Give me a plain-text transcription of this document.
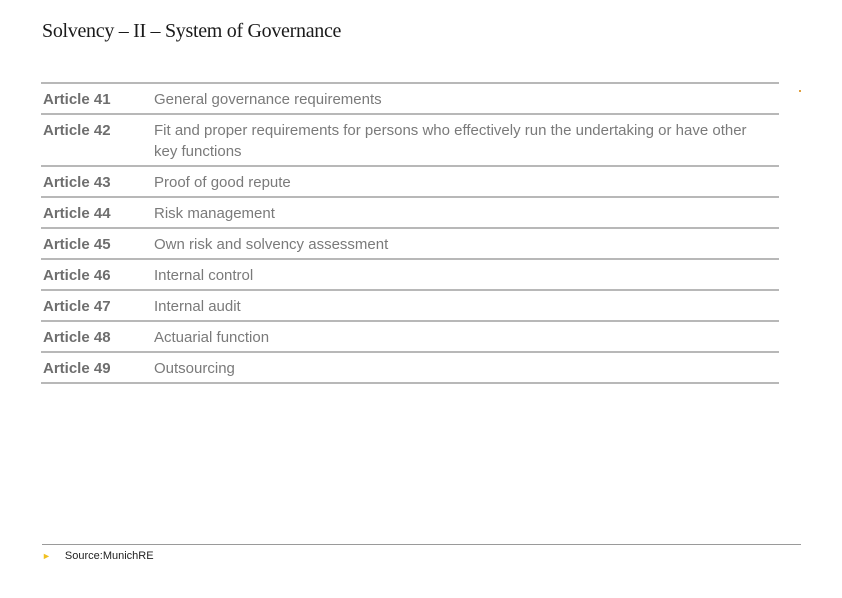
Solvency – II – System of Governance
Article 41	General governance requirements
Article 42	Fit and proper requirements for persons who effectively run the undertaking or have other key functions
Article 43	Proof of good repute
Article 44	Risk management
Article 45	Own risk and solvency assessment
Article 46	Internal control
Article 47	Internal audit
Article 48	Actuarial function
Article 49	Outsourcing
► Source:MunichRE
